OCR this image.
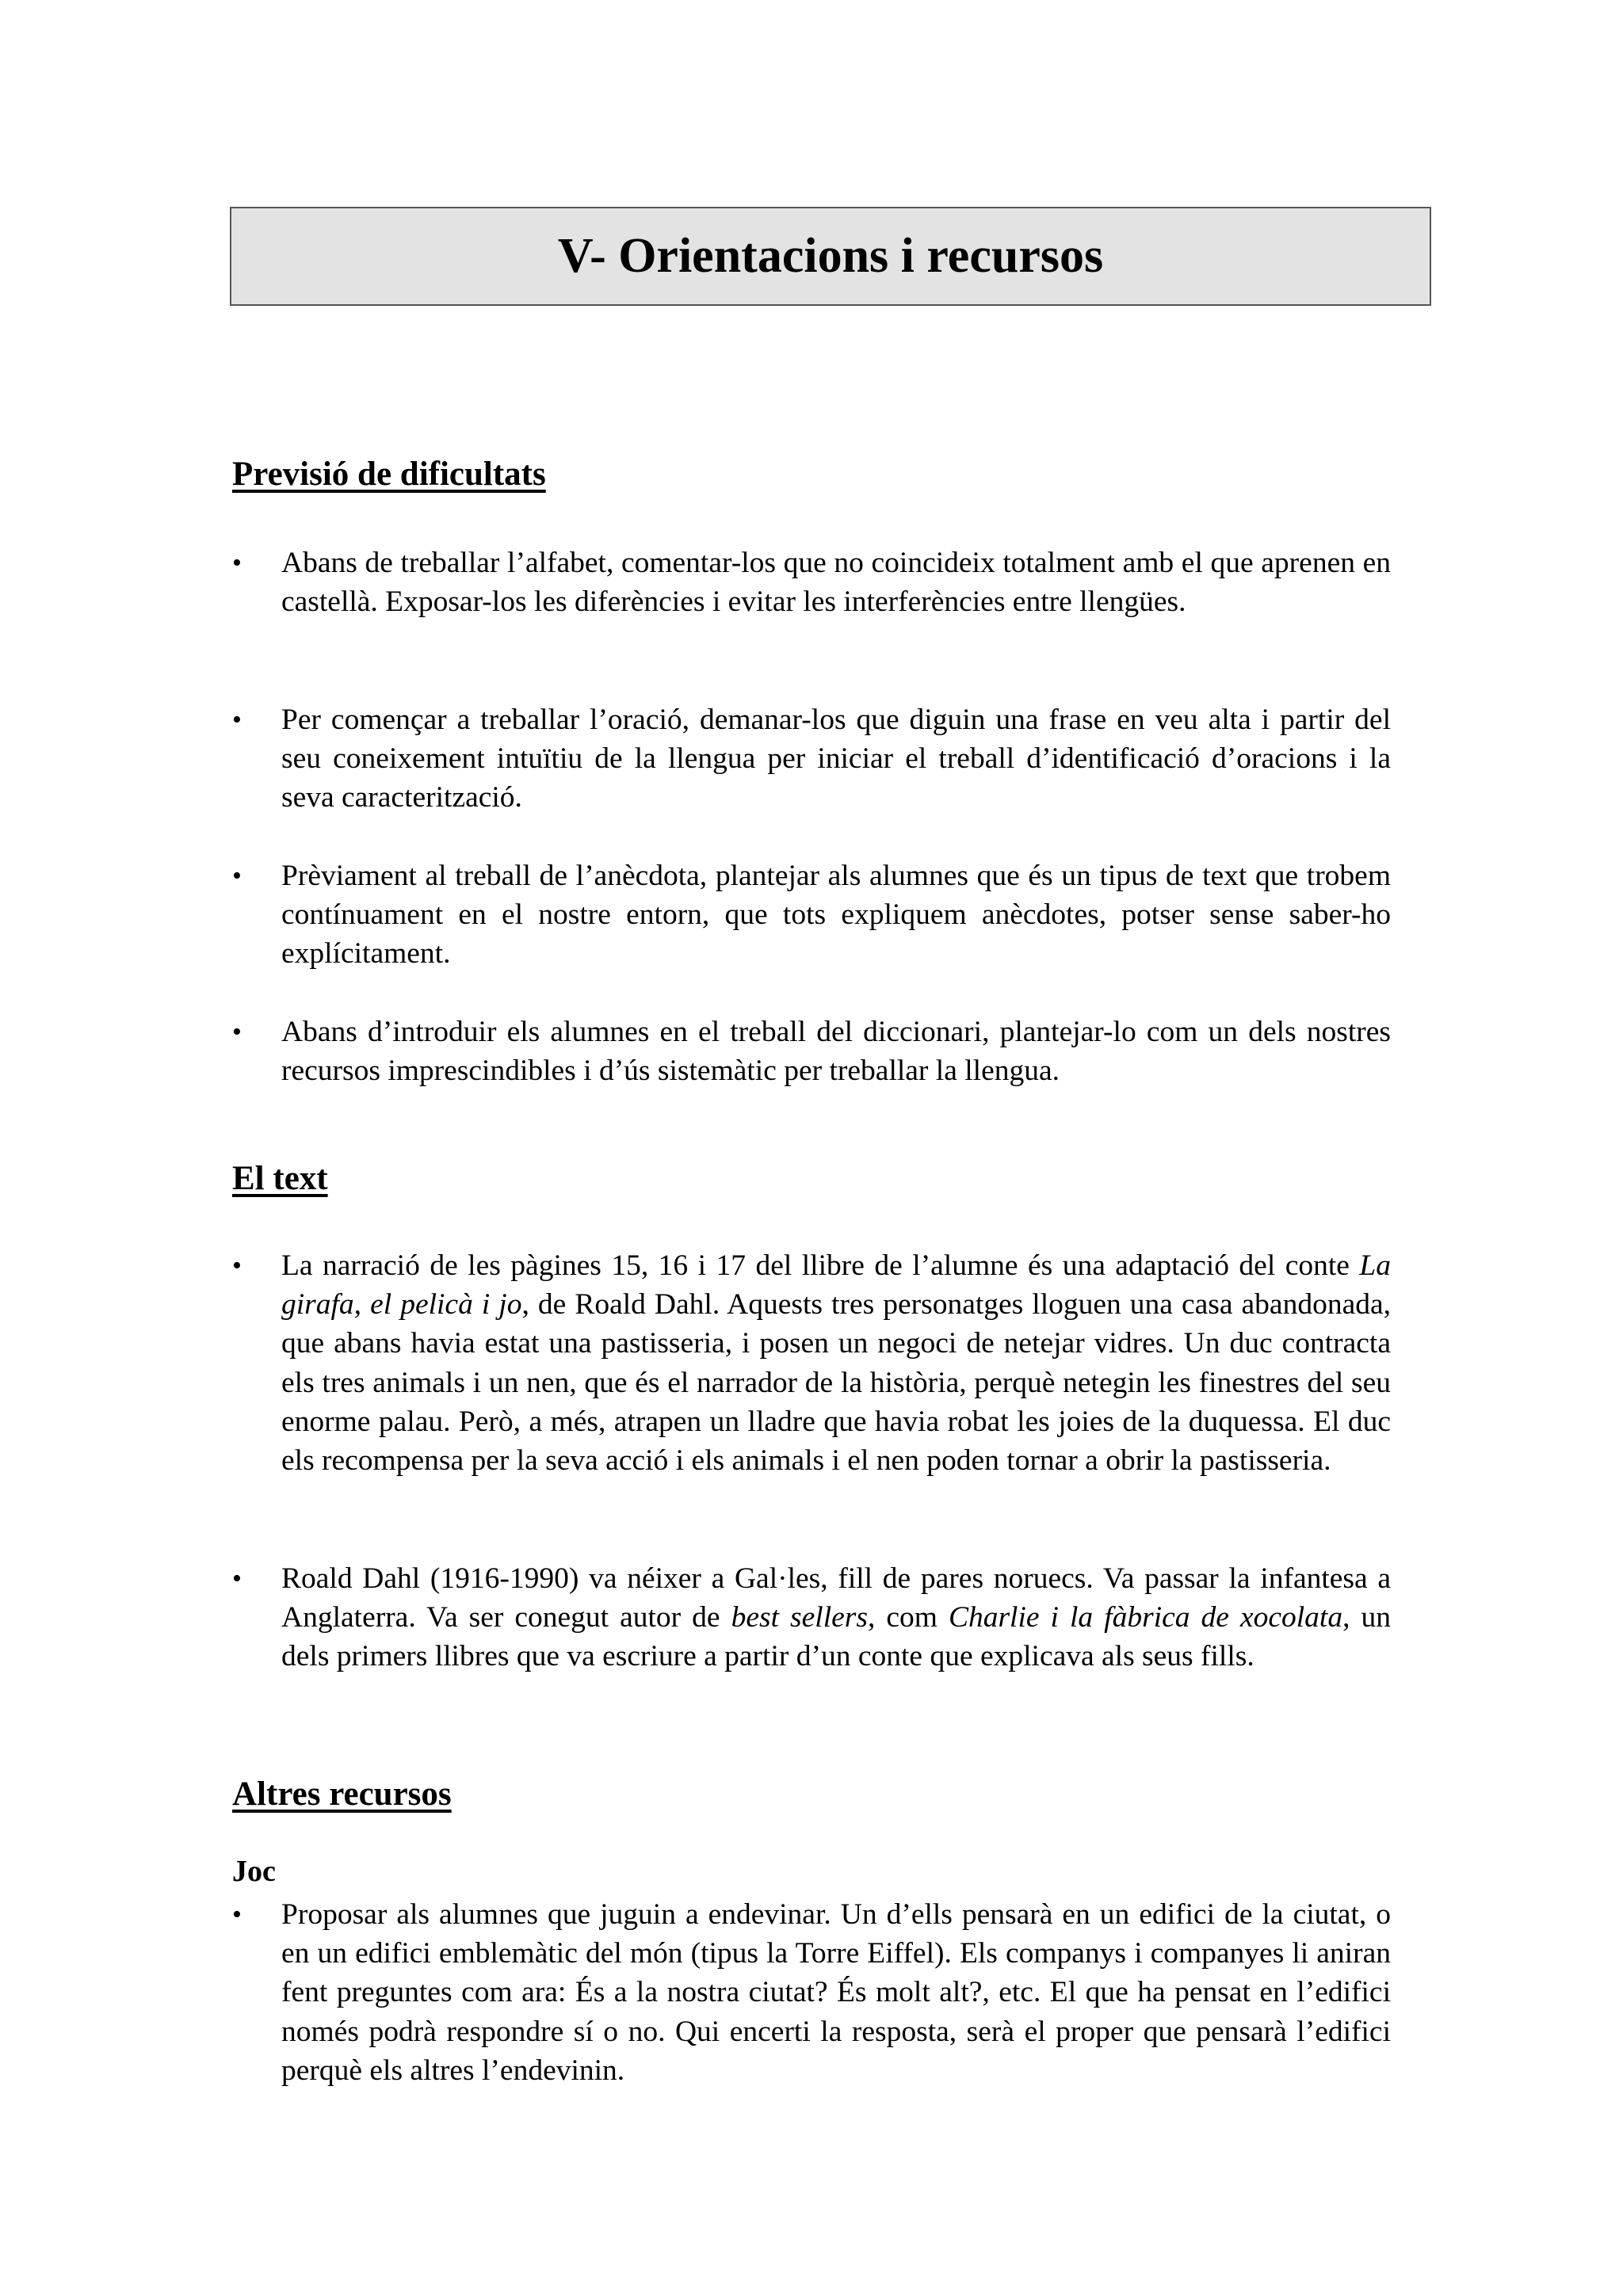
V- Orientacions i recursos
Previsió de dificultats
• Abans de treballar l’alfabet, comentar-los que no coincideix totalment amb el que aprenen en castellà. Exposar-los les diferències i evitar les interferències entre llengües.
• Per començar a treballar l’oració, demanar-los que diguin una frase en veu alta i partir del seu coneixement intuïtiu de la llengua per iniciar el treball d’identificació d’oracions i la seva caracterització.
• Prèviament al treball de l’anècdota, plantejar als alumnes que és un tipus de text que trobem contínuament en el nostre entorn, que tots expliquem anècdotes, potser sense saber-ho explícitament.
• Abans d’introduir els alumnes en el treball del diccionari, plantejar-lo com un dels nostres recursos imprescindibles i d’ús sistemàtic per treballar la llengua.
El text
• La narració de les pàgines 15, 16 i 17 del llibre de l’alumne és una adaptació del conte La girafa, el pelicà i jo, de Roald Dahl. Aquests tres personatges lloguen una casa abandonada, que abans havia estat una pastisseria, i posen un negoci de netejar vidres. Un duc contracta els tres animals i un nen, que és el narrador de la història, perquè netegin les finestres del seu enorme palau. Però, a més, atrapen un lladre que havia robat les joies de la duquessa. El duc els recompensa per la seva acció i els animals i el nen poden tornar a obrir la pastisseria.
• Roald Dahl (1916-1990) va néixer a Gal·les, fill de pares noruecs. Va passar la infantesa a Anglaterra. Va ser conegut autor de best sellers, com Charlie i la fàbrica de xocolata, un dels primers llibres que va escriure a partir d’un conte que explicava als seus fills.
Altres recursos
Joc
• Proposar als alumnes que juguin a endevinar. Un d’ells pensarà en un edifici de la ciutat, o en un edifici emblemàtic del món (tipus la Torre Eiffel). Els companys i companyes li aniran fent preguntes com ara: És a la nostra ciutat? És molt alt?, etc. El que ha pensat en l’edifici només podrà respondre sí o no. Qui encerti la resposta, serà el proper que pensarà l’edifici perquè els altres l’endevinin.
